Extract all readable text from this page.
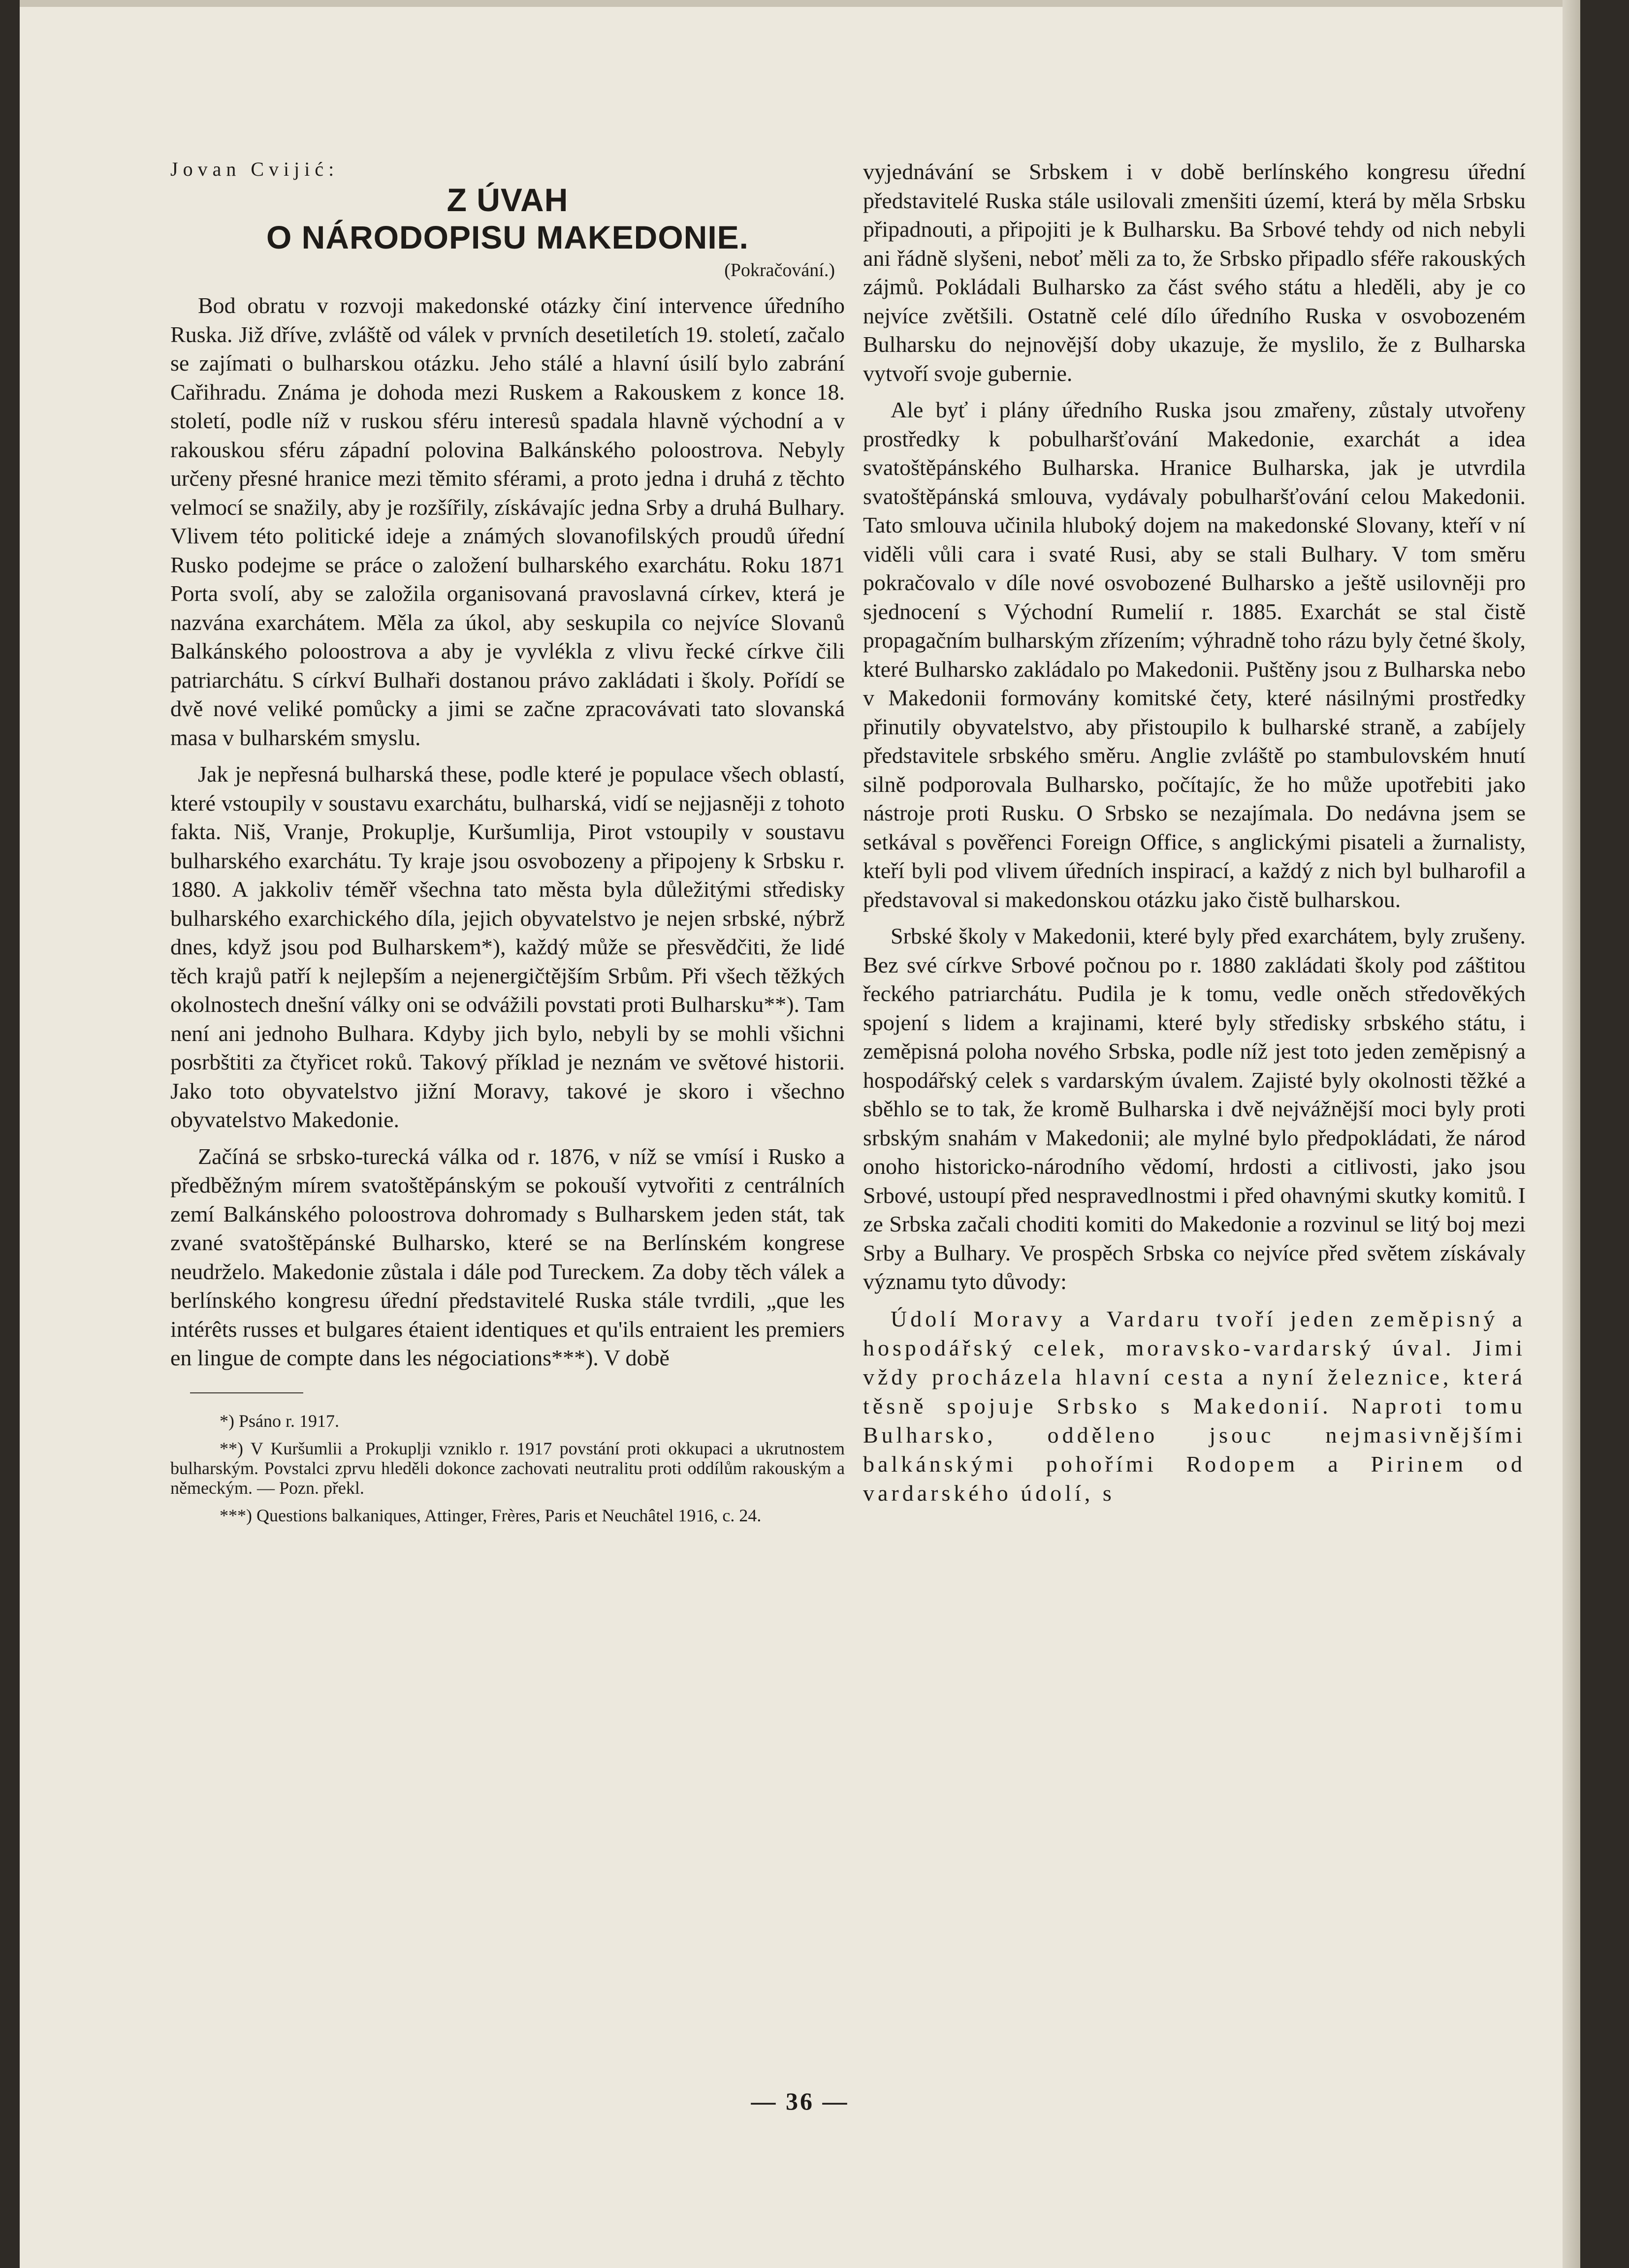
Jovan Cvijić:

Z ÚVAH
O NÁRODOPISU MAKEDONIE.
(Pokračování.)

Bod obratu v rozvoji makedonské otázky činí intervence úředního Ruska. Již dříve, zvláště od válek v prvních desetiletích 19. století, začalo se zajímati o bulharskou otázku. Jeho stálé a hlavní úsilí bylo zabrání Cařihradu. Známa je dohoda mezi Ruskem a Rakouskem z konce 18. století, podle níž v ruskou sféru interesů spadala hlavně východní a v rakouskou sféru západní polovina Balkánského poloostrova. Nebyly určeny přesné hranice mezi těmito sférami, a proto jedna i druhá z těchto velmocí se snažily, aby je rozšířily, získávajíc jedna Srby a druhá Bulhary. Vlivem této politické ideje a známých slovanofilských proudů úřední Rusko podejme se práce o založení bulharského exarchátu. Roku 1871 Porta svolí, aby se založila organisovaná pravoslavná církev, která je nazvána exarchátem. Měla za úkol, aby seskupila co nejvíce Slovanů Balkánského poloostrova a aby je vyvlékla z vlivu řecké církve čili patriarchátu. S církví Bulhaři dostanou právo zakládati i školy. Pořídí se dvě nové veliké pomůcky a jimi se začne zpracovávati tato slovanská masa v bulharském smyslu.

Jak je nepřesná bulharská these, podle které je populace všech oblastí, které vstoupily v soustavu exarchátu, bulharská, vidí se nejjasněji z tohoto fakta. Niš, Vranje, Prokuplje, Kuršumlija, Pirot vstoupily v soustavu bulharského exarchátu. Ty kraje jsou osvobozeny a připojeny k Srbsku r. 1880. A jakkoliv téměř všechna tato města byla důležitými středisky bulharského exarchického díla, jejich obyvatelstvo je nejen srbské, nýbrž dnes, když jsou pod Bulharskem*), každý může se přesvědčiti, že lidé těch krajů patří k nejlepším a nejenergičtějším Srbům. Při všech těžkých okolnostech dnešní války oni se odvážili povstati proti Bulharsku**). Tam není ani jednoho Bulhara. Kdyby jich bylo, nebyli by se mohli všichni posrbštiti za čtyřicet roků. Takový příklad je neznám ve světové historii. Jako toto obyvatelstvo jižní Moravy, takové je skoro i všechno obyvatelstvo Makedonie.

Začíná se srbsko-turecká válka od r. 1876, v níž se vmísí i Rusko a předběžným mírem svatoštěpánským se pokouší vytvořiti z centrálních zemí Balkánského poloostrova dohromady s Bulharskem jeden stát, tak zvané svatoštěpánské Bulharsko, které se na Berlínském kongrese neudrželo. Makedonie zůstala i dále pod Tureckem. Za doby těch válek a berlínského kongresu úřední představitelé Ruska stále tvrdili, „que les intérêts russes et bulgares étaient identiques et qu'ils entraient les premiers en lingue de compte dans les négociations***). V době

*) Psáno r. 1917.

**) V Kuršumlii a Prokuplji vzniklo r. 1917 povstání proti okkupaci a ukrutnostem bulharským. Povstalci zprvu hleděli dokonce zachovati neutralitu proti oddílům rakouským a německým. — Pozn. překl.

***) Questions balkaniques, Attinger, Frères, Paris et Neuchâtel 1916, c. 24.

vyjednávání se Srbskem i v době berlínského kongresu úřední představitelé Ruska stále usilovali zmenšiti území, která by měla Srbsku připadnouti, a připojiti je k Bulharsku. Ba Srbové tehdy od nich nebyli ani řádně slyšeni, neboť měli za to, že Srbsko připadlo sféře rakouských zájmů. Pokládali Bulharsko za část svého státu a hleděli, aby je co nejvíce zvětšili. Ostatně celé dílo úředního Ruska v osvobozeném Bulharsku do nejnovější doby ukazuje, že myslilo, že z Bulharska vytvoří svoje gubernie.

Ale byť i plány úředního Ruska jsou zmařeny, zůstaly utvořeny prostředky k pobulharšťování Makedonie, exarchát a idea svatoštěpánského Bulharska. Hranice Bulharska, jak je utvrdila svatoštěpánská smlouva, vydávaly pobulharšťování celou Makedonii. Tato smlouva učinila hluboký dojem na makedonské Slovany, kteří v ní viděli vůli cara i svaté Rusi, aby se stali Bulhary. V tom směru pokračovalo v díle nové osvobozené Bulharsko a ještě usilovněji pro sjednocení s Východní Rumelií r. 1885. Exarchát se stal čistě propagačním bulharským zřízením; výhradně toho rázu byly četné školy, které Bulharsko zakládalo po Makedonii. Puštěny jsou z Bulharska nebo v Makedonii formovány komitské čety, které násilnými prostředky přinutily obyvatelstvo, aby přistoupilo k bulharské straně, a zabíjely představitele srbského směru. Anglie zvláště po stambulovském hnutí silně podporovala Bulharsko, počítajíc, že ho může upotřebiti jako nástroje proti Rusku. O Srbsko se nezajímala. Do nedávna jsem se setkával s pověřenci Foreign Office, s anglickými pisateli a žurnalisty, kteří byli pod vlivem úředních inspirací, a každý z nich byl bulharofil a představoval si makedonskou otázku jako čistě bulharskou.

Srbské školy v Makedonii, které byly před exarchátem, byly zrušeny. Bez své církve Srbové počnou po r. 1880 zakládati školy pod záštitou řeckého patriarchátu. Pudila je k tomu, vedle oněch středověkých spojení s lidem a krajinami, které byly středisky srbského státu, i zeměpisná poloha nového Srbska, podle níž jest toto jeden zeměpisný a hospodářský celek s vardarským úvalem. Zajisté byly okolnosti těžké a sběhlo se to tak, že kromě Bulharska i dvě nejvážnější moci byly proti srbským snahám v Makedonii; ale mylné bylo předpokládati, že národ onoho historicko-národního vědomí, hrdosti a citlivosti, jako jsou Srbové, ustoupí před nespravedlnostmi i před ohavnými skutky komitů. I ze Srbska začali choditi komiti do Makedonie a rozvinul se litý boj mezi Srby a Bulhary. Ve prospěch Srbska co nejvíce před světem získávaly významu tyto důvody:

Údolí Moravy a Vardaru tvoří jeden zeměpisný a hospodářský celek, moravsko-vardarský úval. Jimi vždy procházela hlavní cesta a nyní železnice, která těsně spojuje Srbsko s Makedonií. Naproti tomu Bulharsko, odděleno jsouc nejmasivnějšími balkánskými pohořími Rodopem a Pirinem od vardarského údolí, s

— 36 —
